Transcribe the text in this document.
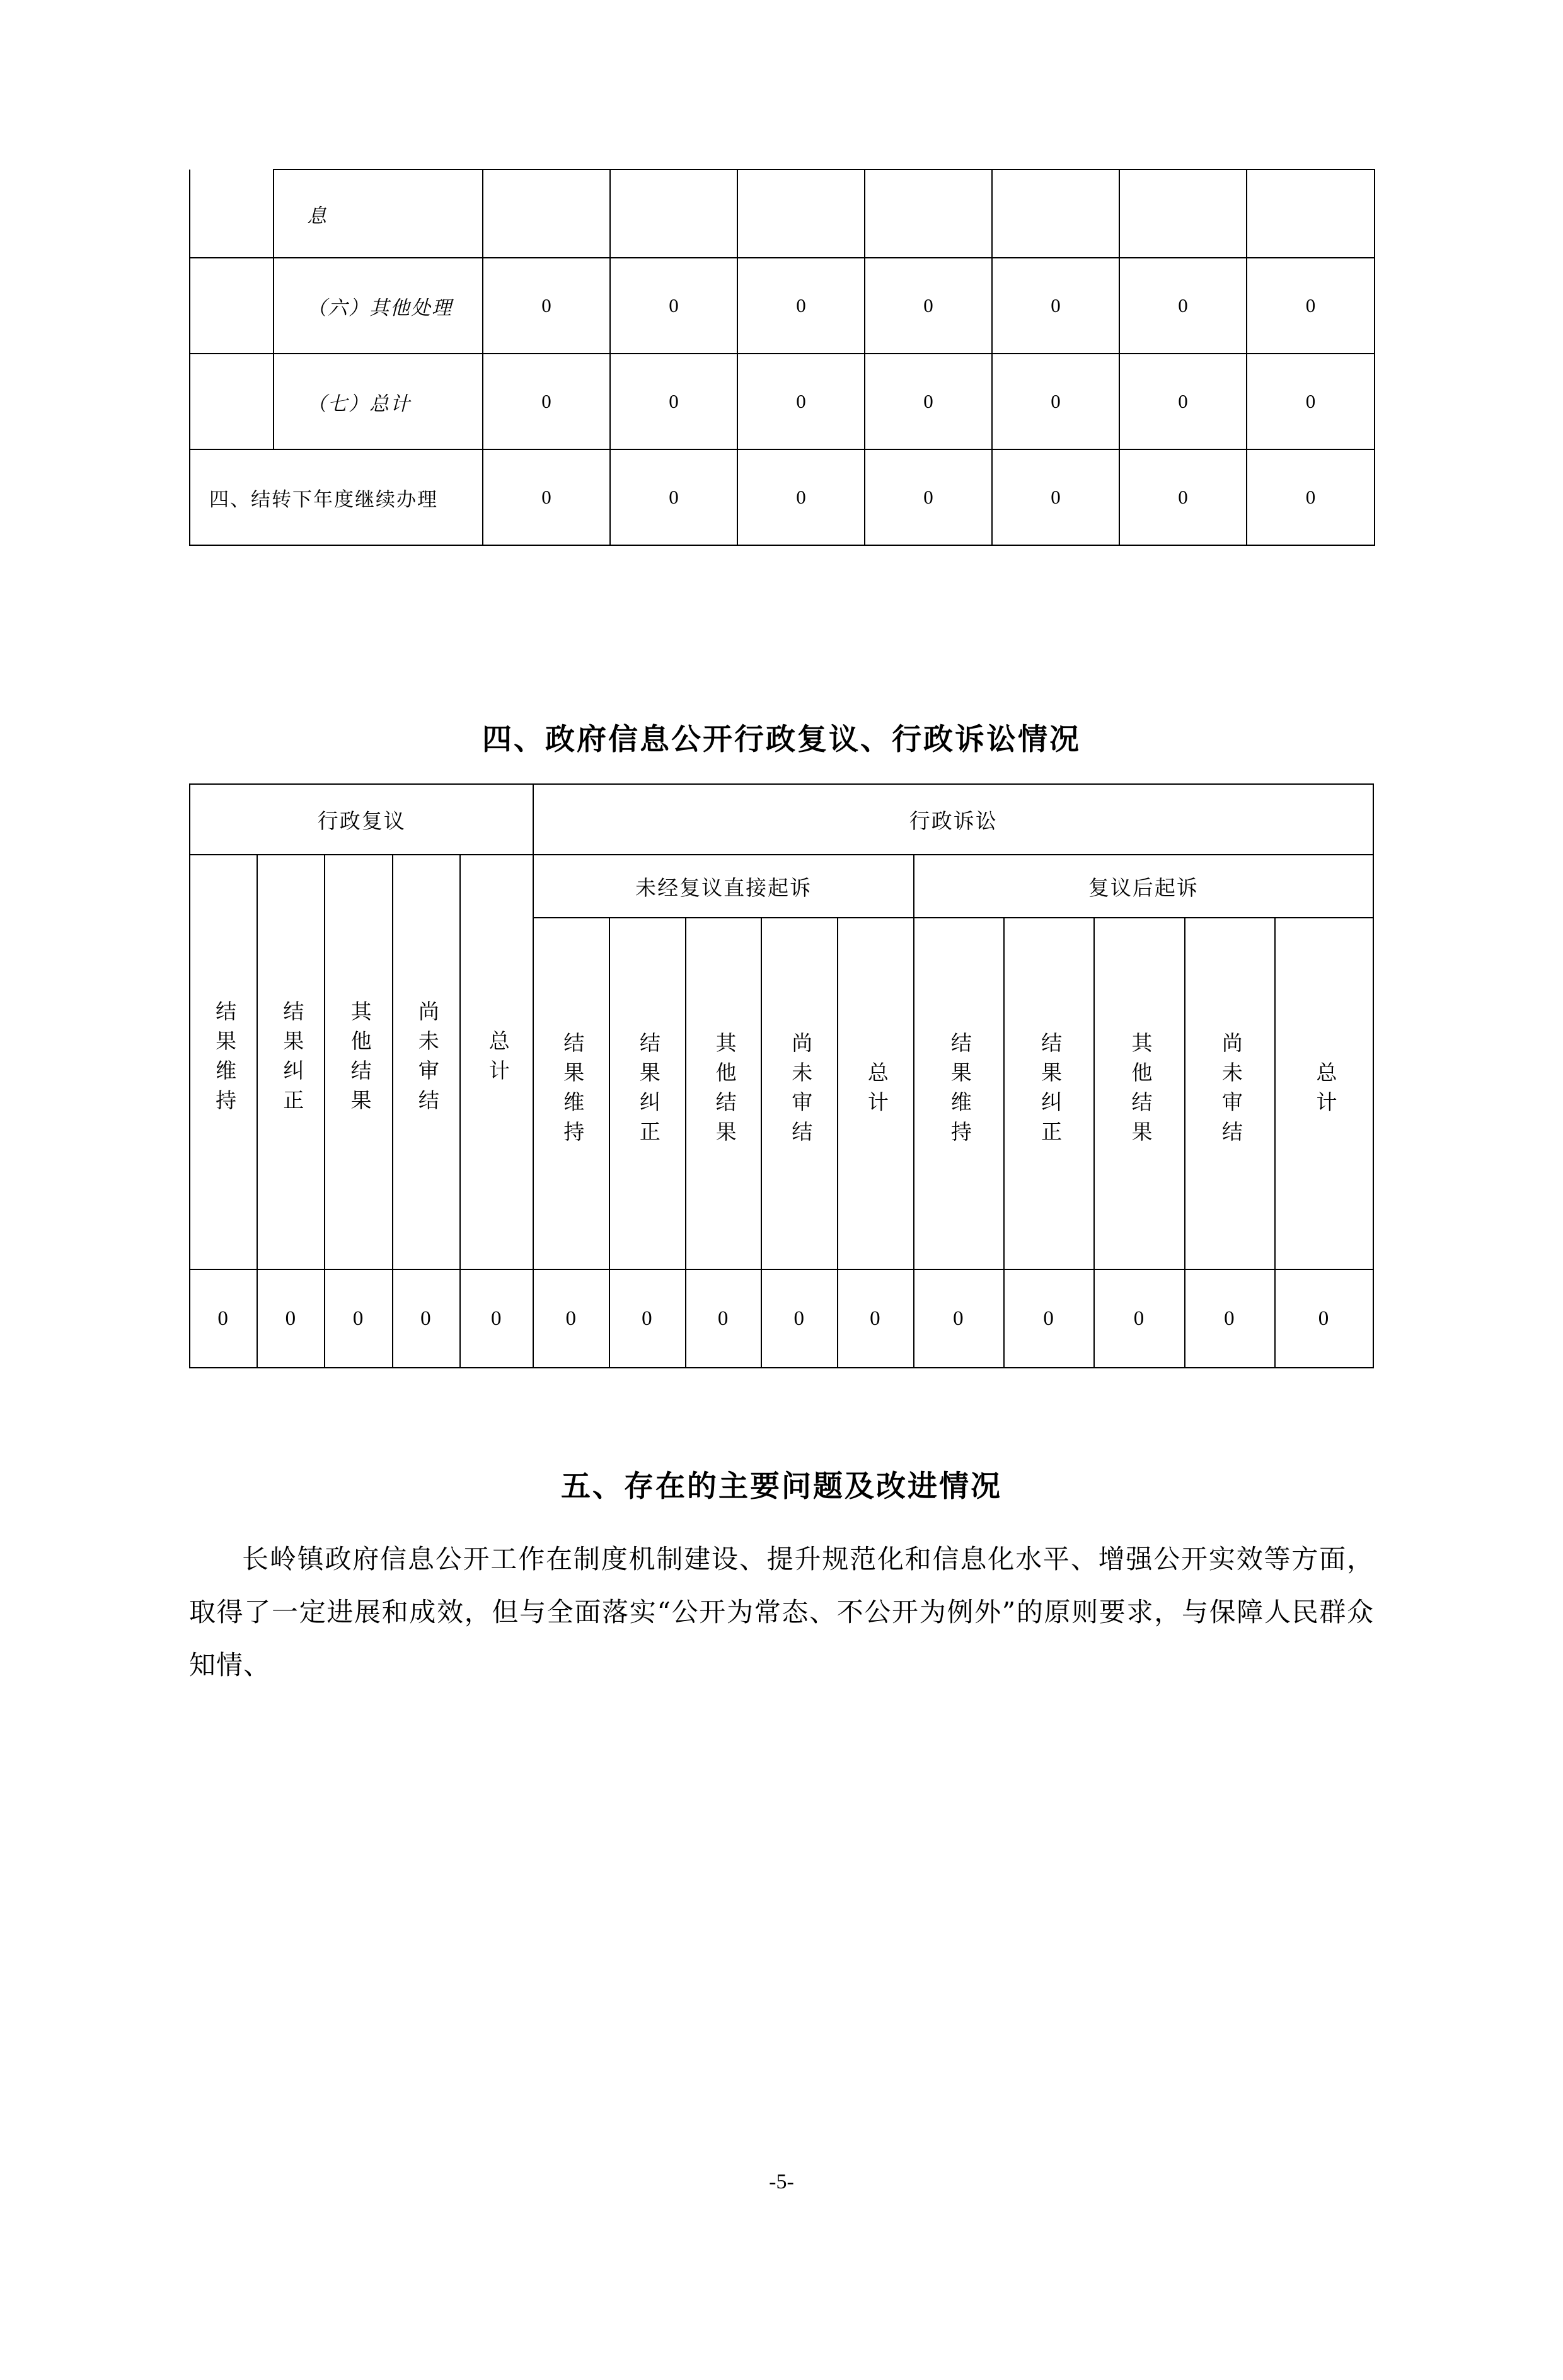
	息							
	（六）其他处理	0	0	0	0	0	0	0
	（七）总计	0	0	0	0	0	0	0
四、结转下年度继续办理		0	0	0	0	0	0	0
四、政府信息公开行政复议、行政诉讼情况
行政复议					行政诉讼									
结果维持	结果纠正	其他结果	尚未审结	总计	未经复议直接起诉					复议后起诉				
					结果维持	结果纠正	其他结果	尚未审结	总计	结果维持	结果纠正	其他结果	尚未审结	总计
0	0	0	0	0	0	0	0	0	0	0	0	0	0	0
五、存在的主要问题及改进情况

长岭镇政府信息公开工作在制度机制建设、提升规范化和信息化水平、增强公开实效等方面，取得了一定进展和成效，但与全面落实“公开为常态、不公开为例外”的原则要求，与保障人民群众知情、

-5-
